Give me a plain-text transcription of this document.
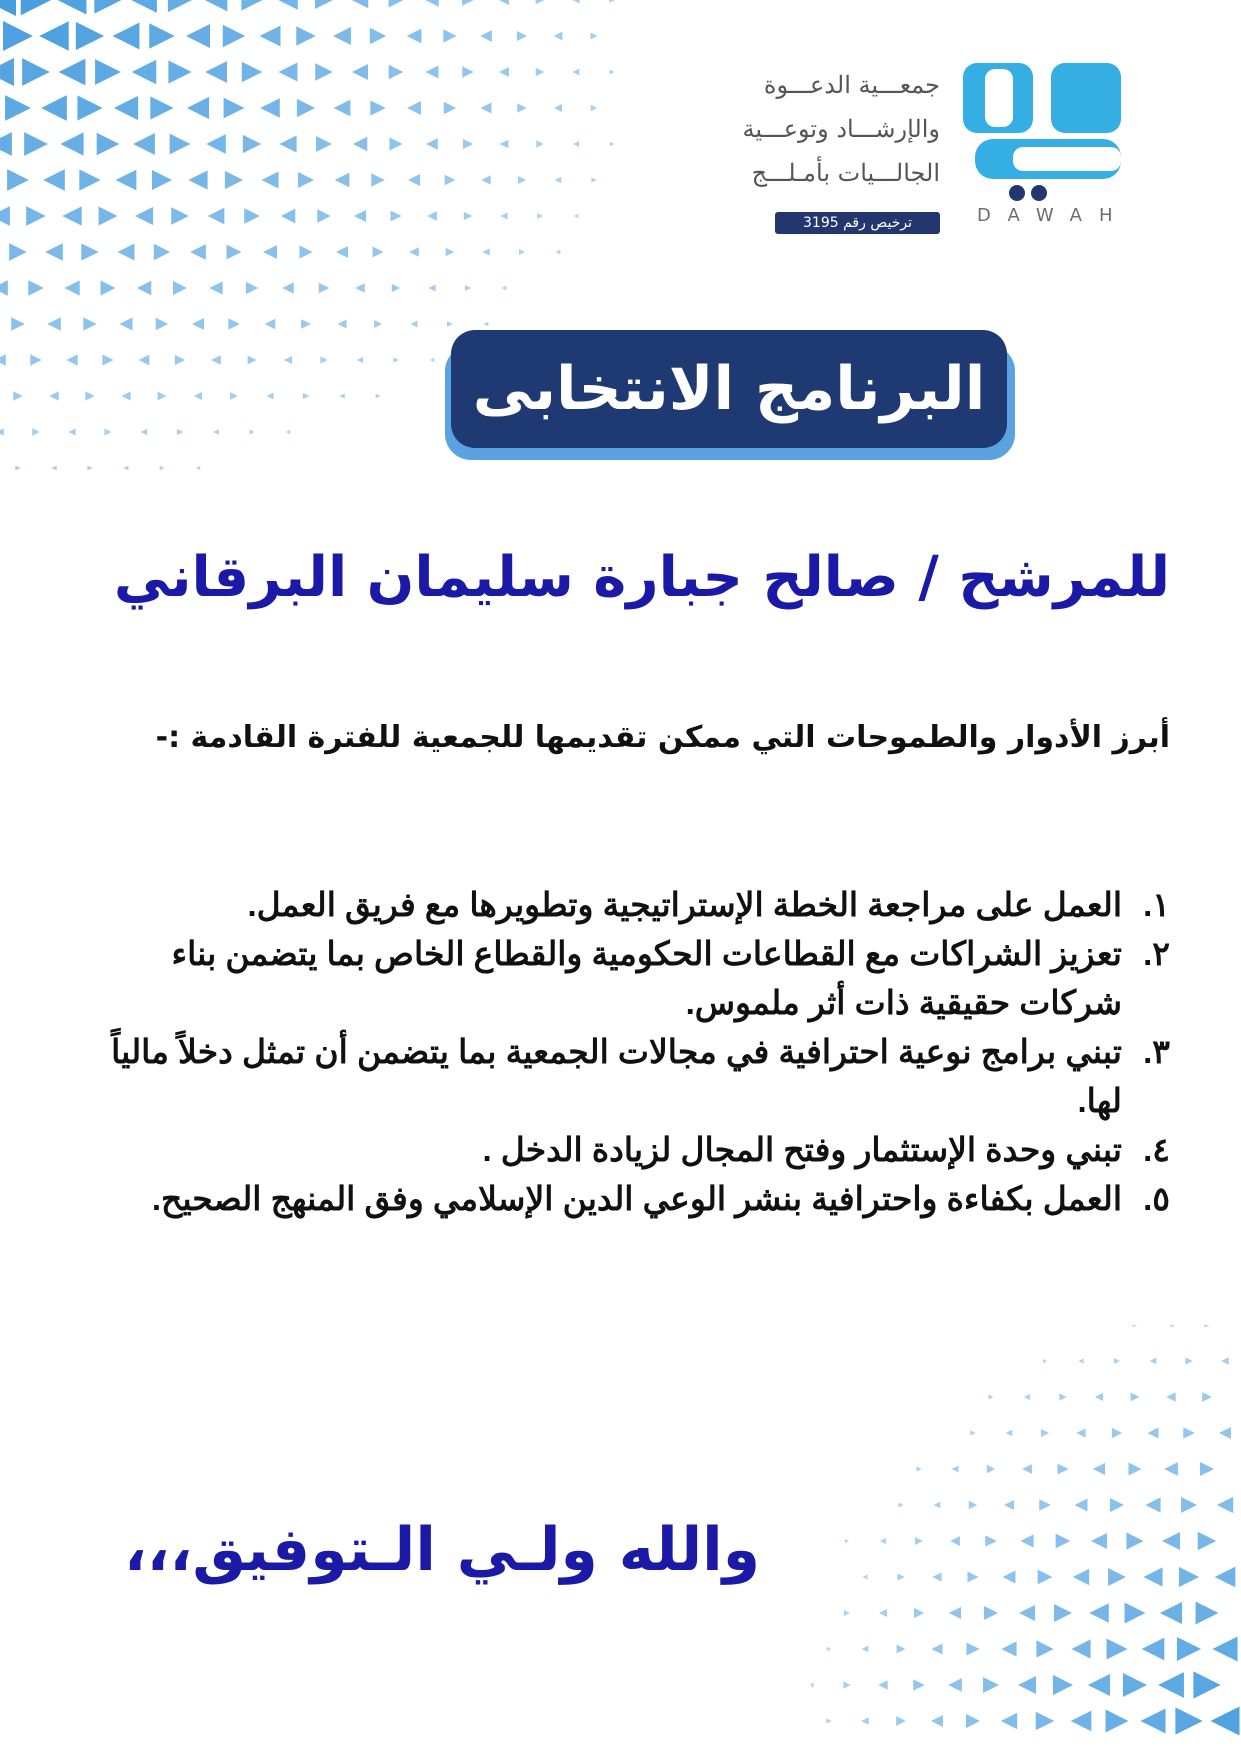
جمعـــية الدعـــوة
والإرشـــاد وتوعـــية
الجالـــيات بأمـلـــج
ترخيص رقم 3195	DAWAH
البرنامج الانتخابى
للمرشح / صالح جبارة سليمان البرقاني
أبرز الأدوار والطموحات التي ممكن تقديمها للجمعية للفترة القادمة :-
١.
العمل على مراجعة الخطة الإستراتيجية وتطويرها مع فريق العمل.
٢.
تعزيز الشراكات مع القطاعات الحكومية والقطاع الخاص بما يتضمن بناء شركات حقيقية ذات أثر ملموس.
٣.
تبني برامج نوعية احترافية في مجالات الجمعية بما يتضمن أن تمثل دخلاً مالياً لها.
٤.
تبني وحدة الإستثمار وفتح المجال لزيادة الدخل .
٥.
العمل بكفاءة واحترافية بنشر الوعي الدين الإسلامي وفق المنهج الصحيح.
والله ولـي الـتوفيق،،،
